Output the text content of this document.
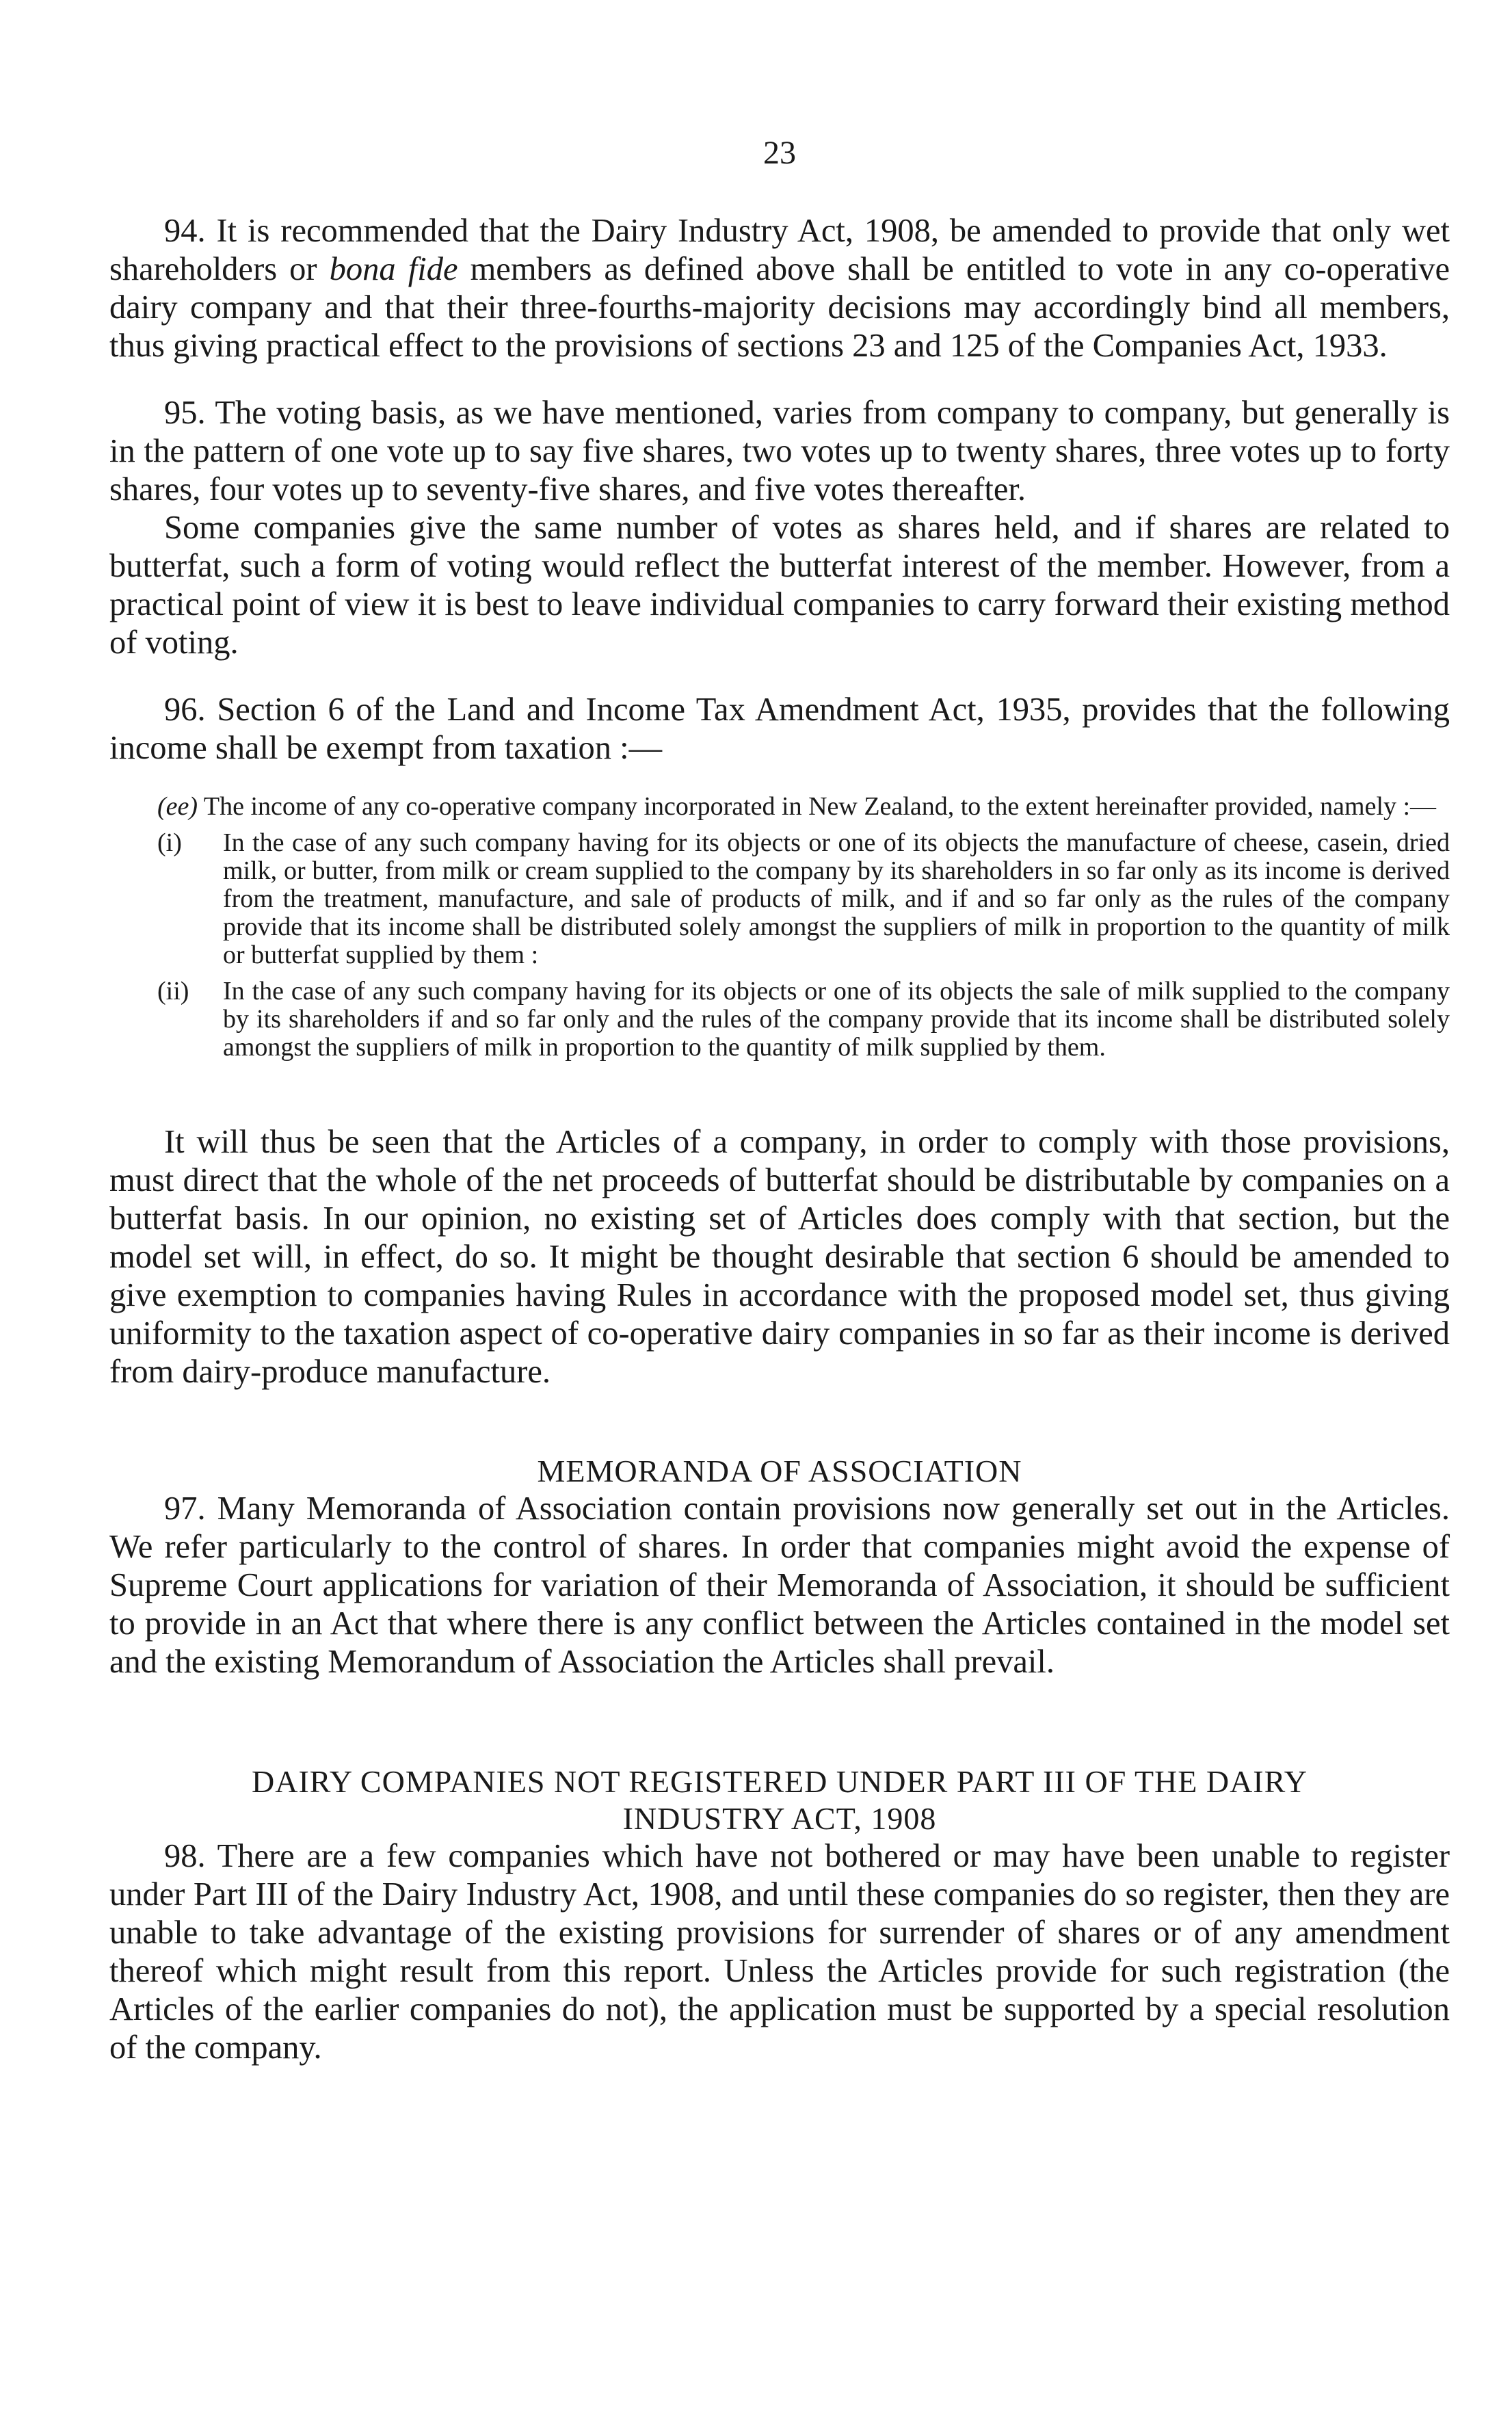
23

94. It is recommended that the Dairy Industry Act, 1908, be amended to provide that only wet shareholders or bona fide members as defined above shall be entitled to vote in any co-operative dairy company and that their three-fourths-majority decisions may accordingly bind all members, thus giving practical effect to the provisions of sections 23 and 125 of the Companies Act, 1933.

95. The voting basis, as we have mentioned, varies from company to company, but generally is in the pattern of one vote up to say five shares, two votes up to twenty shares, three votes up to forty shares, four votes up to seventy-five shares, and five votes thereafter.

Some companies give the same number of votes as shares held, and if shares are related to butterfat, such a form of voting would reflect the butterfat interest of the member. However, from a practical point of view it is best to leave individual companies to carry forward their existing method of voting.

96. Section 6 of the Land and Income Tax Amendment Act, 1935, provides that the following income shall be exempt from taxation :—

(ee) The income of any co-operative company incorporated in New Zealand, to the extent hereinafter provided, namely :—

(i)	In the case of any such company having for its objects or one of its objects the manufacture of cheese, casein, dried milk, or butter, from milk or cream supplied to the company by its shareholders in so far only as its income is derived from the treatment, manufacture, and sale of products of milk, and if and so far only as the rules of the company provide that its income shall be distributed solely amongst the suppliers of milk in proportion to the quantity of milk or butterfat supplied by them :
(ii)	In the case of any such company having for its objects or one of its objects the sale of milk supplied to the company by its shareholders if and so far only and the rules of the company provide that its income shall be distributed solely amongst the suppliers of milk in proportion to the quantity of milk supplied by them.

It will thus be seen that the Articles of a company, in order to comply with those provisions, must direct that the whole of the net proceeds of butterfat should be distributable by companies on a butterfat basis. In our opinion, no existing set of Articles does comply with that section, but the model set will, in effect, do so. It might be thought desirable that section 6 should be amended to give exemption to companies having Rules in accordance with the proposed model set, thus giving uniformity to the taxation aspect of co-operative dairy companies in so far as their income is derived from dairy-produce manufacture.

MEMORANDA OF ASSOCIATION

97. Many Memoranda of Association contain provisions now generally set out in the Articles. We refer particularly to the control of shares. In order that companies might avoid the expense of Supreme Court applications for variation of their Memoranda of Association, it should be sufficient to provide in an Act that where there is any conflict between the Articles contained in the model set and the existing Memorandum of Association the Articles shall prevail.

DAIRY COMPANIES NOT REGISTERED UNDER PART III OF THE DAIRY
INDUSTRY ACT, 1908

98. There are a few companies which have not bothered or may have been unable to register under Part III of the Dairy Industry Act, 1908, and until these companies do so register, then they are unable to take advantage of the existing provisions for surrender of shares or of any amendment thereof which might result from this report. Unless the Articles provide for such registration (the Articles of the earlier companies do not), the application must be supported by a special resolution of the company.
